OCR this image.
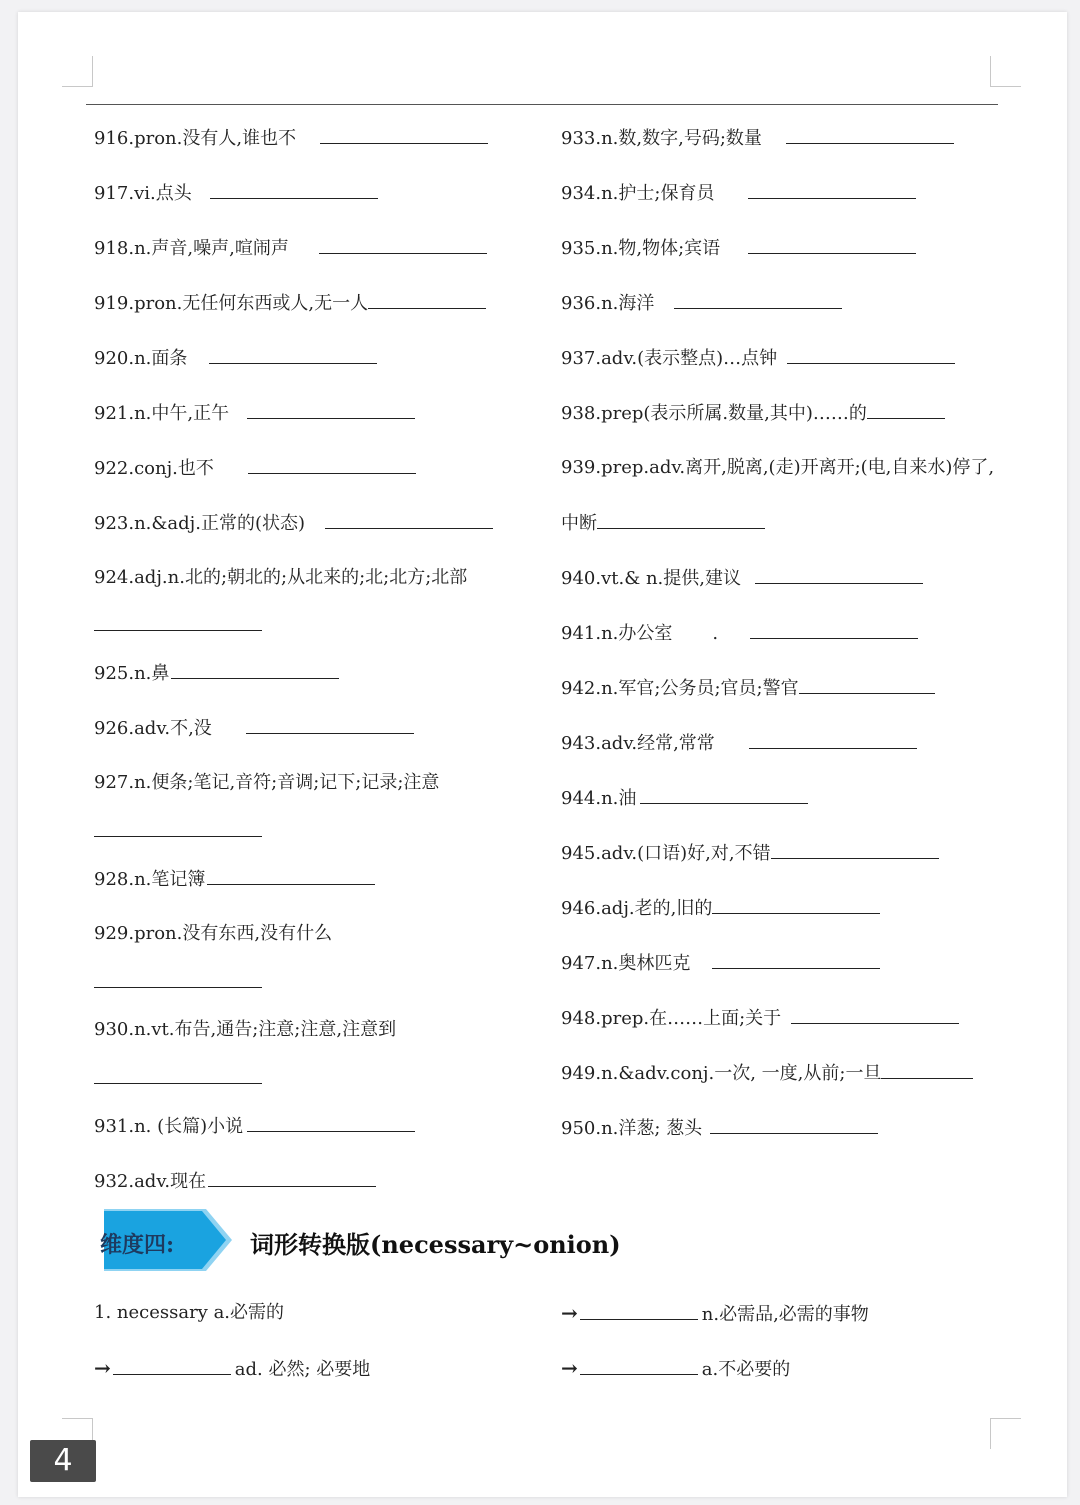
916.pron.没有人,谁也不
917.vi.点头
918.n.声音,噪声,喧闹声
919.pron.无任何东西或人,无一人
920.n.面条
921.n.中午,正午
922.conj.也不
923.n.&adj.正常的(状态)
924.adj.n.北的;朝北的;从北来的;北;北方;北部
925.n.鼻
926.adv.不,没
927.n.便条;笔记,音符;音调;记下;记录;注意
928.n.笔记簿
929.pron.没有东西,没有什么
930.n.vt.布告,通告;注意;注意,注意到
931.n. (长篇)小说
932.adv.现在
933.n.数,数字,号码;数量
934.n.护士;保育员
935.n.物,物体;宾语
936.n.海洋
937.adv.(表示整点)…点钟
938.prep(表示所属.数量,其中)……的
939.prep.adv.离开,脱离,(走)开离开;(电,自来水)停了,
中断
940.vt.& n.提供,建议
941.n.办公室 .
942.n.军官;公务员;官员;警官
943.adv.经常,常常
944.n.油
945.adv.(口语)好,对,不错
946.adj.老的,旧的
947.n.奥林匹克
948.prep.在……上面;关于
949.n.&adv.conj.一次, 一度,从前;一旦
950.n.洋葱; 葱头
维度四:	词形转换版(necessary~onion)
1. necessary a.必需的	→	n.必需品,必需的事物
→	ad. 必然; 必要地	→	a.不必要的
4
